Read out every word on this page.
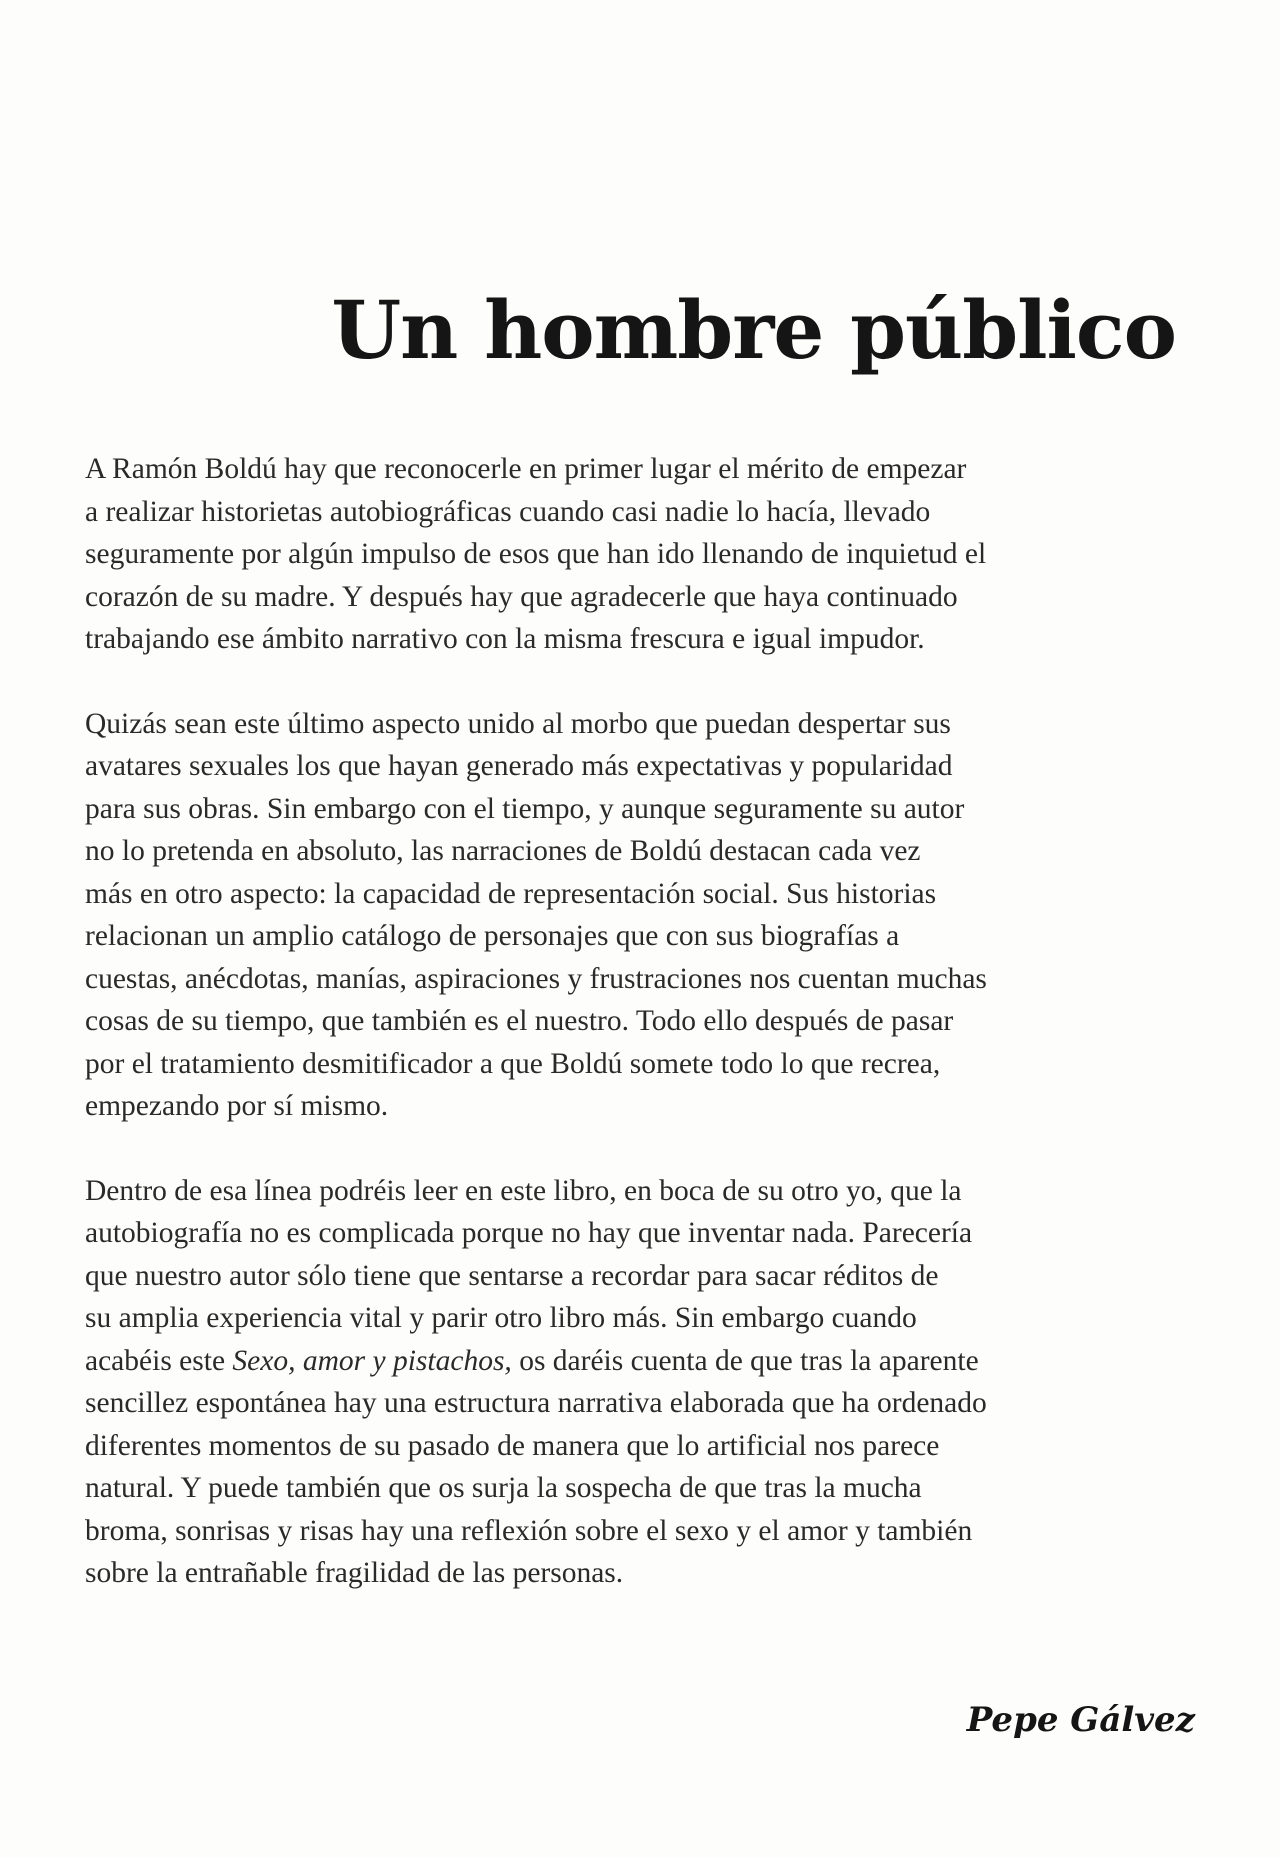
Un hombre público

A Ramón Boldú hay que reconocerle en primer lugar el mérito de empezar
a realizar historietas autobiográficas cuando casi nadie lo hacía, llevado
seguramente por algún impulso de esos que han ido llenando de inquietud el
corazón de su madre. Y después hay que agradecerle que haya continuado
trabajando ese ámbito narrativo con la misma frescura e igual impudor.

Quizás sean este último aspecto unido al morbo que puedan despertar sus
avatares sexuales los que hayan generado más expectativas y popularidad
para sus obras. Sin embargo con el tiempo, y aunque seguramente su autor
no lo pretenda en absoluto, las narraciones de Boldú destacan cada vez
más en otro aspecto: la capacidad de representación social. Sus historias
relacionan un amplio catálogo de personajes que con sus biografías a
cuestas, anécdotas, manías, aspiraciones y frustraciones nos cuentan muchas
cosas de su tiempo, que también es el nuestro. Todo ello después de pasar
por el tratamiento desmitificador a que Boldú somete todo lo que recrea,
empezando por sí mismo.

Dentro de esa línea podréis leer en este libro, en boca de su otro yo, que la
autobiografía no es complicada porque no hay que inventar nada. Parecería
que nuestro autor sólo tiene que sentarse a recordar para sacar réditos de
su amplia experiencia vital y parir otro libro más. Sin embargo cuando
acabéis este Sexo, amor y pistachos, os daréis cuenta de que tras la aparente
sencillez espontánea hay una estructura narrativa elaborada que ha ordenado
diferentes momentos de su pasado de manera que lo artificial nos parece
natural. Y puede también que os surja la sospecha de que tras la mucha
broma, sonrisas y risas hay una reflexión sobre el sexo y el amor y también
sobre la entrañable fragilidad de las personas.

Pepe Gálvez
